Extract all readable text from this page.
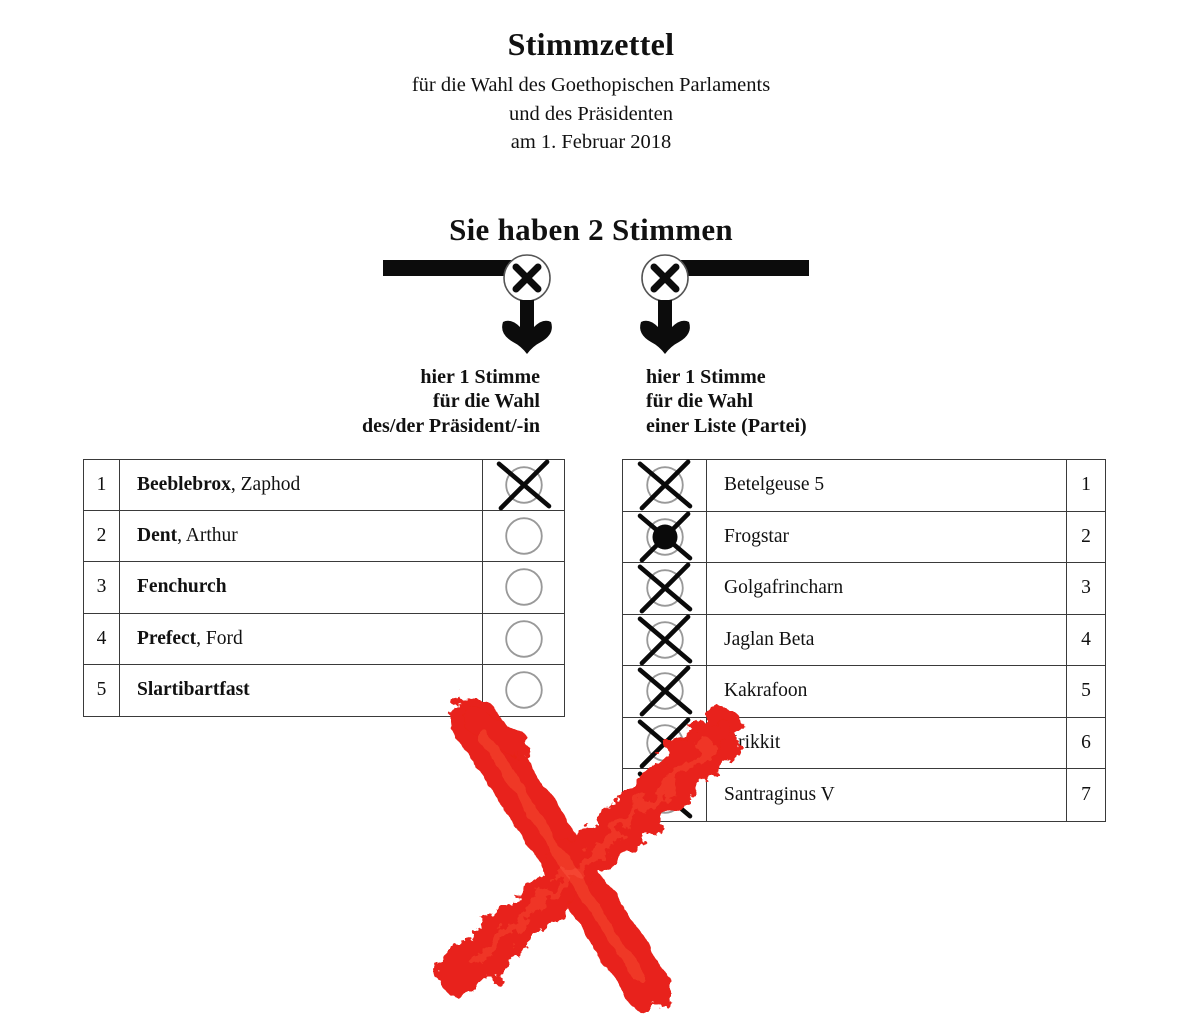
Stimmzettel
für die Wahl des Goethopischen Parlaments
und des Präsidenten
am 1. Februar 2018
Sie haben 2 Stimmen
hier 1 Stimme
für die Wahl
des/der Präsident/-in
hier 1 Stimme
für die Wahl
einer Liste (Partei)
1	Beeblebrox , Zaphod
2	Dent , Arthur
3	Fenchurch
4	Prefect , Ford
5	Slartibartfast
Betelgeuse 5	1
Frogstar	2
Golgafrincharn	3
Jaglan Beta	4
Kakrafoon	5
Krikkit	6
Santraginus V	7
